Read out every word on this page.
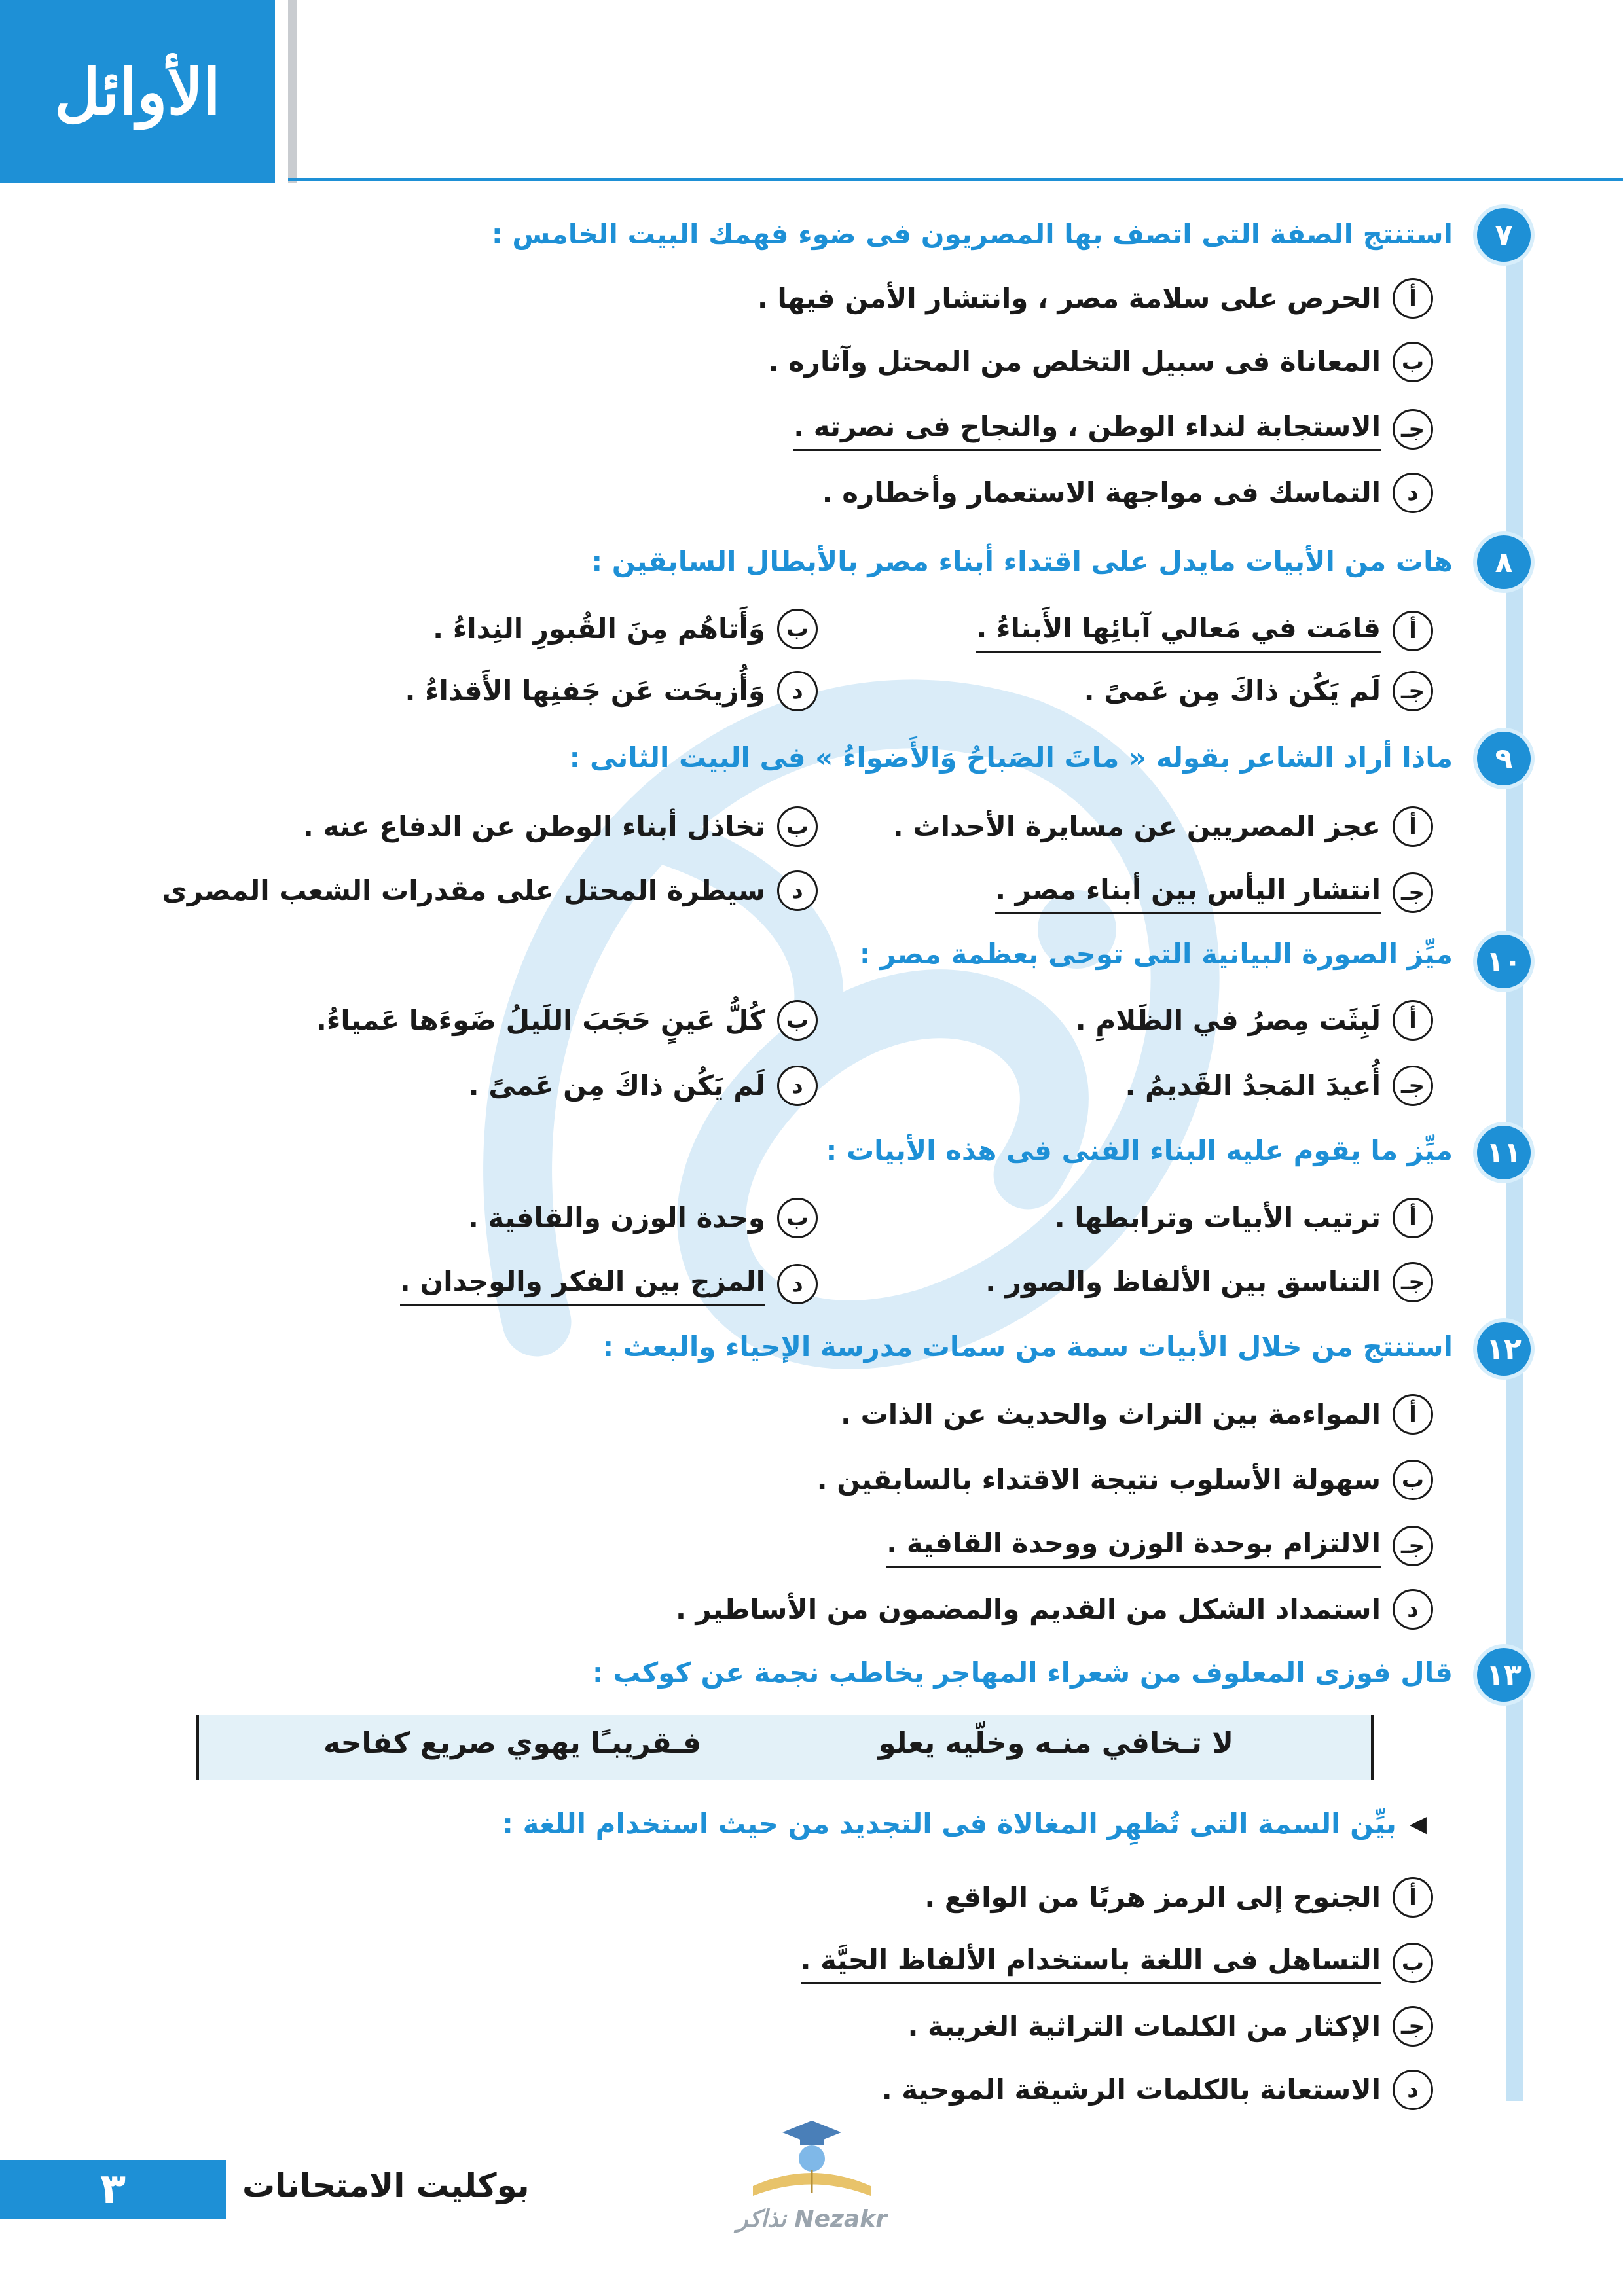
الأوائل
٧
استنتج الصفة التى اتصف بها المصريون فى ضوء فهمك البيت الخامس :
أ
الحرص على سلامة مصر ، وانتشار الأمن فيها .
ب
المعاناة فى سبيل التخلص من المحتل وآثاره .
جـ
الاستجابة لنداء الوطن ، والنجاح فى نصرته .
د
التماسك فى مواجهة الاستعمار وأخطاره .
٨
هات من الأبيات مايدل على اقتداء أبناء مصر بالأبطال السابقين :
أ
قامَت في مَعالي آبائِها الأَبناءُ .
ب
وَأَتاهُم مِنَ القُبورِ النِداءُ .
جـ
لَم يَكُن ذاكَ مِن عَمىً .
د
وَأُزيحَت عَن جَفنِها الأَقذاءُ .
٩
ماذا أراد الشاعر بقوله « ماتَ الصَباحُ وَالأَضواءُ » فى البيت الثانى :
أ
عجز المصريين عن مسايرة الأحداث .
ب
تخاذل أبناء الوطن عن الدفاع عنه .
جـ
انتشار اليأس بين أبناء مصر .
د
سيطرة المحتل على مقدرات الشعب المصرى
١٠
ميِّز الصورة البيانية التى توحى بعظمة مصر :
أ
لَبِثَت مِصرُ في الظَلامِ .
ب
كُلُّ عَينٍ حَجَبَ اللَيلُ ضَوءَها عَمياءُ.
جـ
أُعيدَ المَجدُ القَديمُ .
د
لَم يَكُن ذاكَ مِن عَمىً .
١١
ميِّز ما يقوم عليه البناء الفنى فى هذه الأبيات :
أ
ترتيب الأبيات وترابطها .
ب
وحدة الوزن والقافية .
جـ
التناسق بين الألفاظ والصور .
د
المزج بين الفكر والوجدان .
١٢
استنتج من خلال الأبيات سمة من سمات مدرسة الإحياء والبعث :
أ
المواءمة بين التراث والحديث عن الذات .
ب
سهولة الأسلوب نتيجة الاقتداء بالسابقين .
جـ
الالتزام بوحدة الوزن ووحدة القافية .
د
استمداد الشكل من القديم والمضمون من الأساطير .
١٣
قال فوزى المعلوف من شعراء المهاجر يخاطب نجمة عن كوكب :
لا تـخافي منـه وخلّيه يعلو
فـقريبـًا يهوي صريع كفاحه
◀
بيِّن السمة التى تُظهِر المغالاة فى التجديد من حيث استخدام اللغة :
أ
الجنوح إلى الرمز هربًا من الواقع .
ب
التساهل فى اللغة باستخدام الألفاظ الحيَّة .
جـ
الإكثار من الكلمات التراثية الغريبة .
د
الاستعانة بالكلمات الرشيقة الموحية .
٣	بوكليت الامتحانات
Nezakr نذاكر
